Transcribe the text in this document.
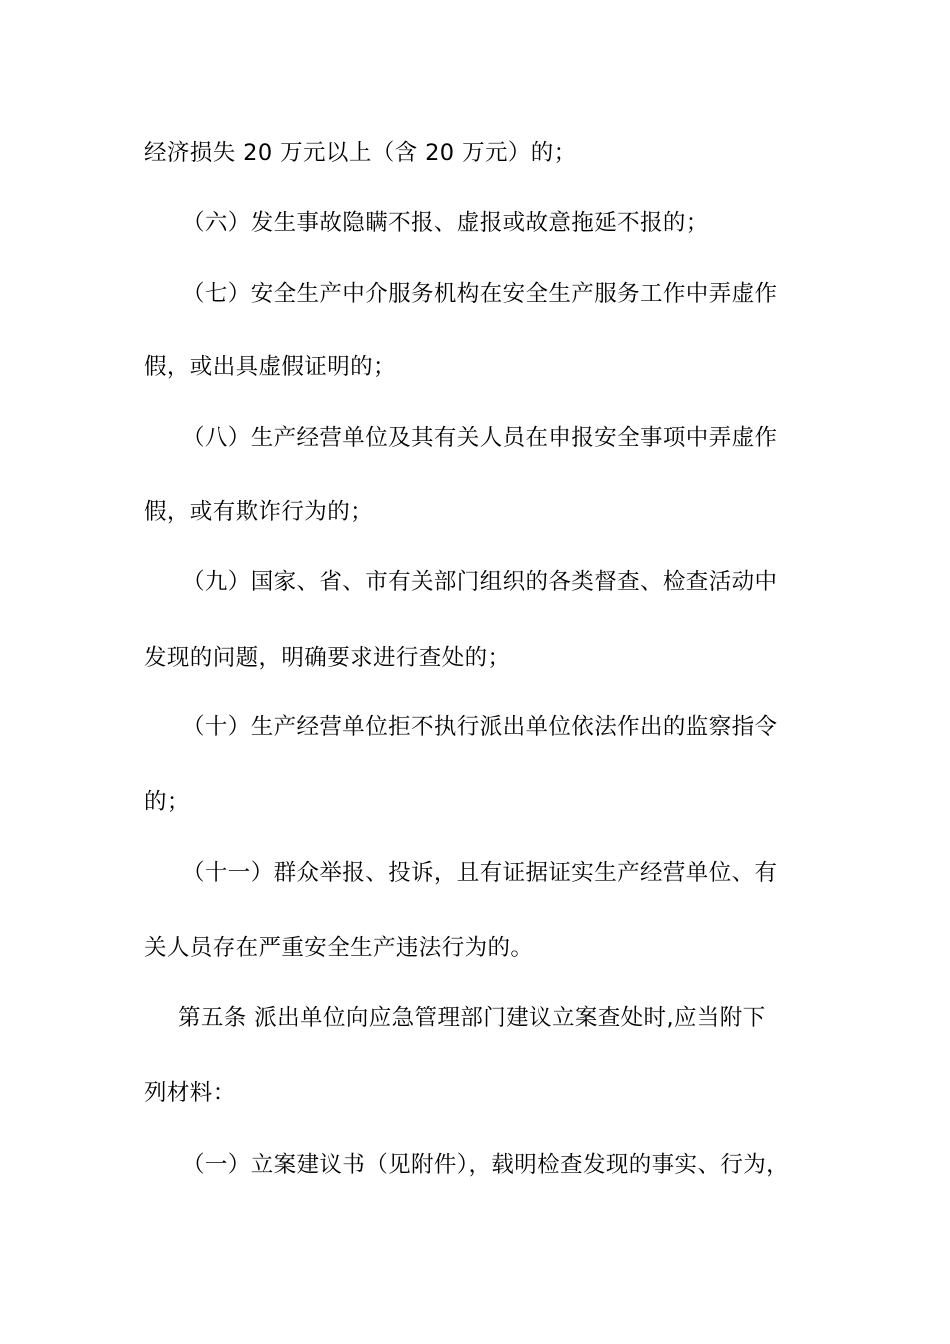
经济损失 20 万元以上（含 20 万元）的；
（六）发生事故隐瞒不报、虚报或故意拖延不报的；
（七）安全生产中介服务机构在安全生产服务工作中弄虚作
假，或出具虚假证明的；
（八）生产经营单位及其有关人员在申报安全事项中弄虚作
假，或有欺诈行为的；
（九）国家、省、市有关部门组织的各类督查、检查活动中
发现的问题，明确要求进行查处的；
（十）生产经营单位拒不执行派出单位依法作出的监察指令
的；
（十一）群众举报、投诉，且有证据证实生产经营单位、有
关人员存在严重安全生产违法行为的。
第五条 派出单位向应急管理部门建议立案查处时,应当附下
列材料：
（一）立案建议书（见附件），载明检查发现的事实、行为，
